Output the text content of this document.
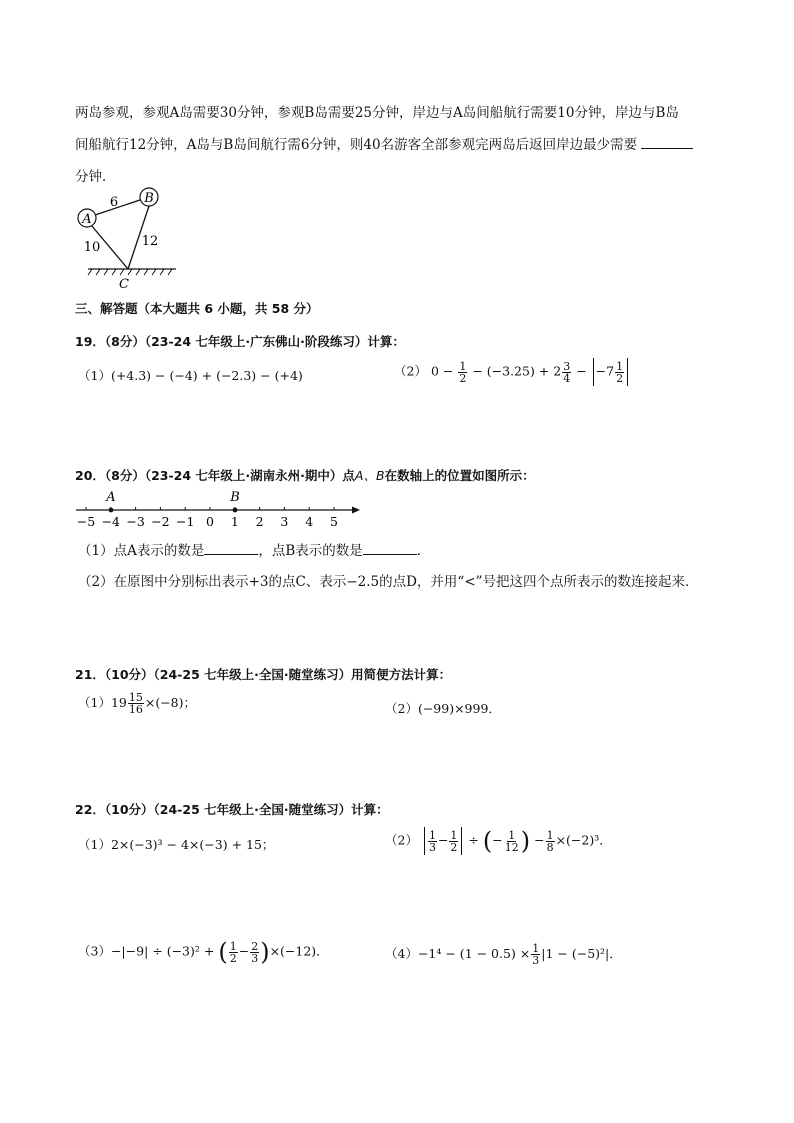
两岛参观，参观A岛需要30分钟，参观B岛需要25分钟，岸边与A岛间船航行需要10分钟，岸边与B岛
间船航行12分钟，A岛与B岛间航行需6分钟，则40名游客全部参观完两岛后返回岸边最少需要
分钟．
A
B
6
10	12
C
三、解答题（本大题共 6 小题，共 58 分）
19．（8分）（23-24 七年级上·广东佛山·阶段练习）计算：
（1）(+4.3) − (−4) + (−2.3) − (+4)	（2） $0 - \frac{1}{2} - (-3.25) + 2 \frac{3}{4} - -7 \frac{1}{2}$
20．（8分）（23-24 七年级上·湖南永州·期中）点A、B在数轴上的位置如图所示：
−5 −4 −3 −2 −1 0 1 2 3 4 5
A	B
（1）点A表示的数是	，点B表示的数是	．
（2）在原图中分别标出表示+3的点C、表示−2.5的点D，并用“<”号把这四个点所表示的数连接起来．
21．（10分）（24-25 七年级上·全国·随堂练习）用简便方法计算：
$(1)19 \frac{15}{16} \times(-8)$；	（2）(−99)×999．
22．（10分）（24-25 七年级上·全国·随堂练习）计算：
（1）2×(−3)³ − 4×(−3) + 15；	$(2) \frac{1}{3} - \frac{1}{2}$ ÷ (− $\frac{1}{12}$ ) − $\frac{1}{8} \times(-2)^3$．
（3）−|−9| ÷ (−3)² + ( $\frac{1}{2} - \frac{2}{3} )\times(-12)$．	$(4)-1^4 - (1 - 0.5) \times \frac{1}{3} |1 - (-5)^2|$．
